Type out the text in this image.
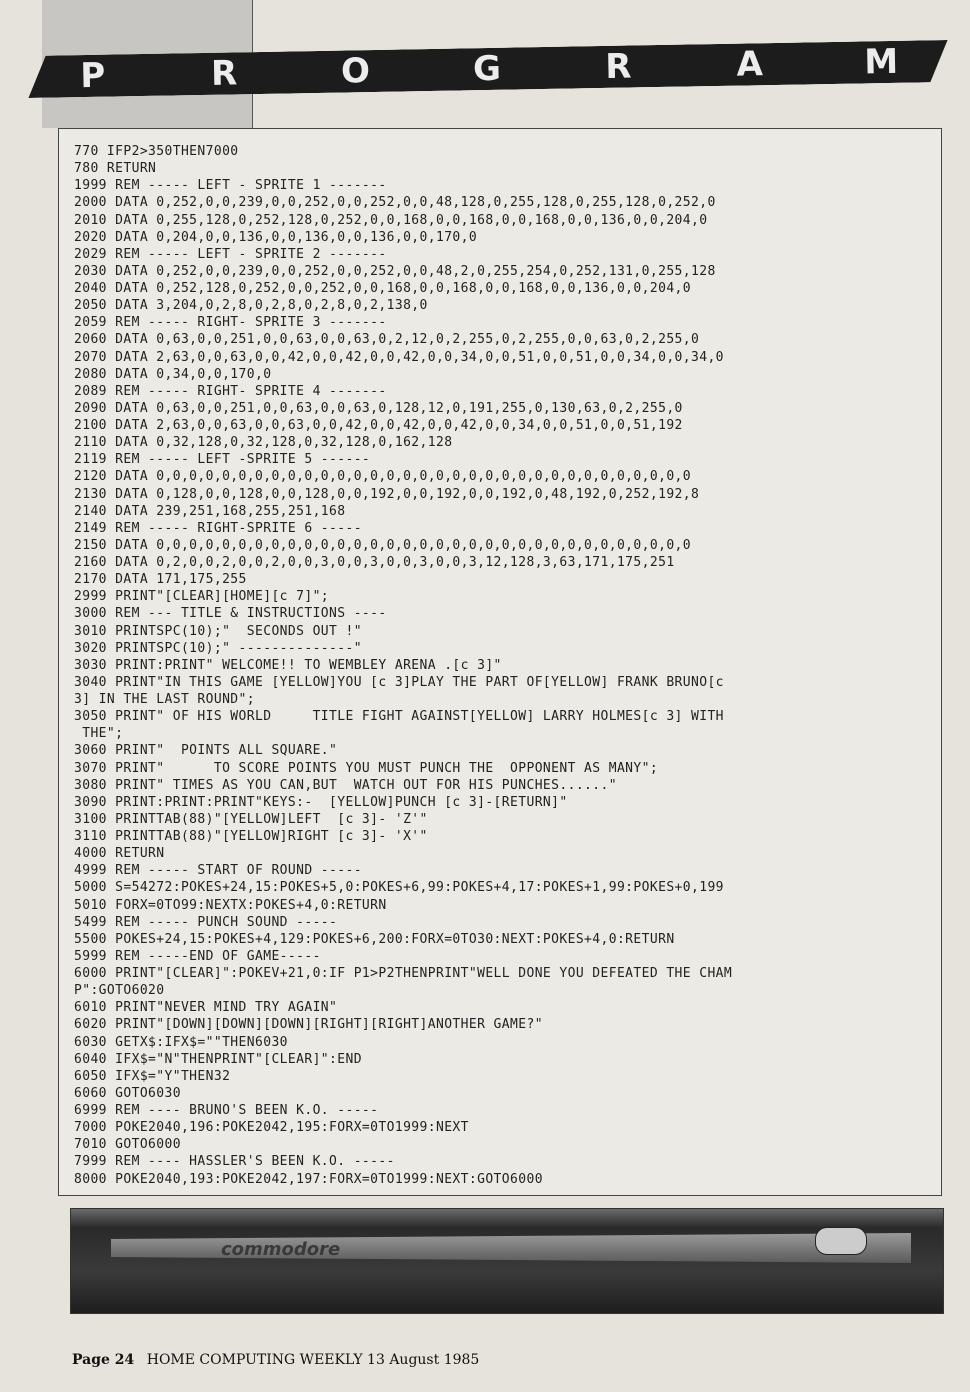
P	R	O	G	R	A	M
770 IFP2>350THEN7000
780 RETURN
1999 REM ----- LEFT - SPRITE 1 -------
2000 DATA 0,252,0,0,239,0,0,252,0,0,252,0,0,48,128,0,255,128,0,255,128,0,252,0
2010 DATA 0,255,128,0,252,128,0,252,0,0,168,0,0,168,0,0,168,0,0,136,0,0,204,0
2020 DATA 0,204,0,0,136,0,0,136,0,0,136,0,0,170,0
2029 REM ----- LEFT - SPRITE 2 -------
2030 DATA 0,252,0,0,239,0,0,252,0,0,252,0,0,48,2,0,255,254,0,252,131,0,255,128
2040 DATA 0,252,128,0,252,0,0,252,0,0,168,0,0,168,0,0,168,0,0,136,0,0,204,0
2050 DATA 3,204,0,2,8,0,2,8,0,2,8,0,2,138,0
2059 REM ----- RIGHT- SPRITE 3 -------
2060 DATA 0,63,0,0,251,0,0,63,0,0,63,0,2,12,0,2,255,0,2,255,0,0,63,0,2,255,0
2070 DATA 2,63,0,0,63,0,0,42,0,0,42,0,0,42,0,0,34,0,0,51,0,0,51,0,0,34,0,0,34,0
2080 DATA 0,34,0,0,170,0
2089 REM ----- RIGHT- SPRITE 4 -------
2090 DATA 0,63,0,0,251,0,0,63,0,0,63,0,128,12,0,191,255,0,130,63,0,2,255,0
2100 DATA 2,63,0,0,63,0,0,63,0,0,42,0,0,42,0,0,42,0,0,34,0,0,51,0,0,51,192
2110 DATA 0,32,128,0,32,128,0,32,128,0,162,128
2119 REM ----- LEFT -SPRITE 5 ------
2120 DATA 0,0,0,0,0,0,0,0,0,0,0,0,0,0,0,0,0,0,0,0,0,0,0,0,0,0,0,0,0,0,0,0,0
2130 DATA 0,128,0,0,128,0,0,128,0,0,192,0,0,192,0,0,192,0,48,192,0,252,192,8
2140 DATA 239,251,168,255,251,168
2149 REM ----- RIGHT-SPRITE 6 -----
2150 DATA 0,0,0,0,0,0,0,0,0,0,0,0,0,0,0,0,0,0,0,0,0,0,0,0,0,0,0,0,0,0,0,0,0
2160 DATA 0,2,0,0,2,0,0,2,0,0,3,0,0,3,0,0,3,0,0,3,12,128,3,63,171,175,251
2170 DATA 171,175,255
2999 PRINT"[CLEAR][HOME][c 7]";
3000 REM --- TITLE & INSTRUCTIONS ----
3010 PRINTSPC(10);"  SECONDS OUT !"
3020 PRINTSPC(10);" --------------"
3030 PRINT:PRINT" WELCOME!! TO WEMBLEY ARENA .[c 3]"
3040 PRINT"IN THIS GAME [YELLOW]YOU [c 3]PLAY THE PART OF[YELLOW] FRANK BRUNO[c
3] IN THE LAST ROUND";
3050 PRINT" OF HIS WORLD     TITLE FIGHT AGAINST[YELLOW] LARRY HOLMES[c 3] WITH
THE";
3060 PRINT"  POINTS ALL SQUARE."
3070 PRINT"      TO SCORE POINTS YOU MUST PUNCH THE  OPPONENT AS MANY";
3080 PRINT" TIMES AS YOU CAN,BUT  WATCH OUT FOR HIS PUNCHES......"
3090 PRINT:PRINT:PRINT"KEYS:-  [YELLOW]PUNCH [c 3]-[RETURN]"
3100 PRINTTAB(88)"[YELLOW]LEFT  [c 3]- 'Z'"
3110 PRINTTAB(88)"[YELLOW]RIGHT [c 3]- 'X'"
4000 RETURN
4999 REM ----- START OF ROUND -----
5000 S=54272:POKES+24,15:POKES+5,0:POKES+6,99:POKES+4,17:POKES+1,99:POKES+0,199
5010 FORX=0TO99:NEXTX:POKES+4,0:RETURN
5499 REM ----- PUNCH SOUND -----
5500 POKES+24,15:POKES+4,129:POKES+6,200:FORX=0TO30:NEXT:POKES+4,0:RETURN
5999 REM -----END OF GAME-----
6000 PRINT"[CLEAR]":POKEV+21,0:IF P1>P2THENPRINT"WELL DONE YOU DEFEATED THE CHAM
P":GOTO6020
6010 PRINT"NEVER MIND TRY AGAIN"
6020 PRINT"[DOWN][DOWN][DOWN][RIGHT][RIGHT]ANOTHER GAME?"
6030 GETX$:IFX$=""THEN6030
6040 IFX$="N"THENPRINT"[CLEAR]":END
6050 IFX$="Y"THEN32
6060 GOTO6030
6999 REM ---- BRUNO'S BEEN K.O. -----
7000 POKE2040,196:POKE2042,195:FORX=0TO1999:NEXT
7010 GOTO6000
7999 REM ---- HASSLER'S BEEN K.O. -----
8000 POKE2040,193:POKE2042,197:FORX=0TO1999:NEXT:GOTO6000
commodore
Page 24 HOME COMPUTING WEEKLY 13 August 1985
